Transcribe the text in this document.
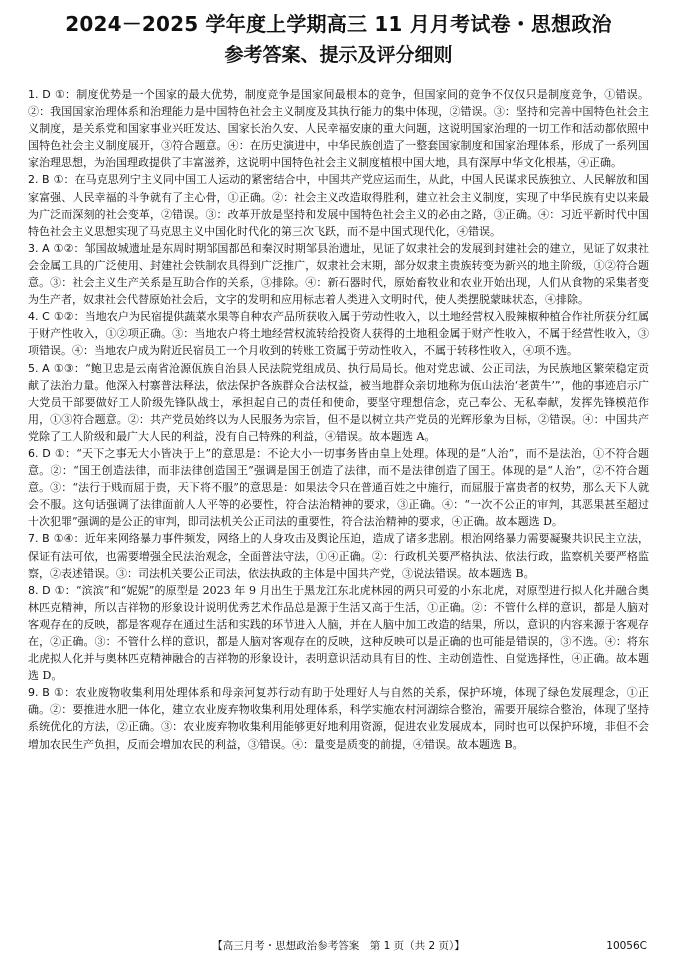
2024－2025 学年度上学期高三 11 月月考试卷・思想政治
参考答案、提示及评分细则
1. D ①：制度优势是一个国家的最大优势，制度竞争是国家间最根本的竞争，但国家间的竞争不仅仅只是制度竞争，①错误。②：我国国家治理体系和治理能力是中国特色社会主义制度及其执行能力的集中体现，②错误。③：坚持和完善中国特色社会主义制度，是关系党和国家事业兴旺发达、国家长治久安、人民幸福安康的重大问题，这说明国家治理的一切工作和活动都依照中国特色社会主义制度展开，③符合题意。④：在历史演进中，中华民族创造了一整套国家制度和国家治理体系，形成了一系列国家治理思想，为治国理政提供了丰富滋养，这说明中国特色社会主义制度植根中国大地，具有深厚中华文化根基，④正确。
2. B ①：在马克思列宁主义同中国工人运动的紧密结合中，中国共产党应运而生，从此，中国人民谋求民族独立、人民解放和国家富强、人民幸福的斗争就有了主心骨，①正确。②：社会主义改造取得胜利，建立社会主义制度，实现了中华民族有史以来最为广泛而深刻的社会变革，②错误。③：改革开放是坚持和发展中国特色社会主义的必由之路，③正确。④：习近平新时代中国特色社会主义思想实现了马克思主义中国化时代化的第三次飞跃，而不是中国式现代化，④错误。
3. A ①②：邹国故城遗址是东周时期邹国都邑和秦汉时期邹县治遗址，见证了奴隶社会的发展到封建社会的建立，见证了奴隶社会金属工具的广泛使用、封建社会铁制农具得到广泛推广，奴隶社会末期，部分奴隶主贵族转变为新兴的地主阶级，①②符合题意。③：社会主义生产关系是互助合作的关系，③排除。④：新石器时代，原始畜牧业和农业开始出现，人们从食物的采集者变为生产者，奴隶社会代替原始社会后，文字的发明和应用标志着人类进入文明时代，使人类摆脱蒙昧状态，④排除。
4. C ①②：当地农户为民宿提供蔬菜水果等自种农产品所获收入属于劳动性收入，以土地经营权入股辣椒种植合作社所获分红属于财产性收入，①②项正确。③：当地农户将土地经营权流转给投资人获得的土地租金属于财产性收入，不属于经营性收入，③项错误。④：当地农户成为附近民宿员工一个月收到的转账工资属于劳动性收入，不属于转移性收入，④项不选。
5. A ①③：“鲍卫忠是云南省沧源佤族自治县人民法院党组成员、执行局局长。他对党忠诚、公正司法，为民族地区繁荣稳定贡献了法治力量。他深入村寨普法释法，依法保护各族群众合法权益，被当地群众亲切地称为佤山法治‘老黄牛’”，他的事迹启示广大党员干部要做好工人阶级先锋队战士，承担起自己的责任和使命，要坚守理想信念，克己奉公、无私奉献，发挥先锋模范作用，①③符合题意。②：共产党员始终以为人民服务为宗旨，但不是以树立共产党员的光辉形象为目标，②错误。④：中国共产党除了工人阶级和最广大人民的利益，没有自己特殊的利益，④错误。故本题选 A。
6. D ①：“天下之事无大小皆决于上”的意思是：不论大小一切事务皆由皇上处理。体现的是“人治”，而不是法治，①不符合题意。②：“国王创造法律，而非法律创造国王”强调是国王创造了法律，而不是法律创造了国王。体现的是“人治”，②不符合题意。③：“法行于贱而屈于贵，天下将不服”的意思是：如果法令只在普通百姓之中施行，而屈服于富贵者的权势，那么天下人就会不服。这句话强调了法律面前人人平等的必要性，符合法治精神的要求，③正确。④：“一次不公正的审判，其恶果甚至超过十次犯罪”强调的是公正的审判，即司法机关公正司法的重要性，符合法治精神的要求，④正确。故本题选 D。
7. B ①④：近年来网络暴力事件频发，网络上的人身攻击及舆论压迫，造成了诸多悲剧。根治网络暴力需要凝聚共识民主立法，保证有法可依，也需要增强全民法治观念，全面普法守法，①④正确。②：行政机关要严格执法、依法行政，监察机关要严格监察，②表述错误。③：司法机关要公正司法，依法执政的主体是中国共产党，③说法错误。故本题选 B。
8. D ①：“滨滨”和“妮妮”的原型是 2023 年 9 月出生于黑龙江东北虎林园的两只可爱的小东北虎，对原型进行拟人化并融合奥林匹克精神，所以吉祥物的形象设计说明优秀艺术作品总是源于生活又高于生活，①正确。②：不管什么样的意识，都是人脑对客观存在的反映，都是客观存在通过生活和实践的环节进入人脑，并在人脑中加工改造的结果，所以，意识的内容来源于客观存在，②正确。③：不管什么样的意识，都是人脑对客观存在的反映，这种反映可以是正确的也可能是错误的，③不选。④：将东北虎拟人化并与奥林匹克精神融合的吉祥物的形象设计，表明意识活动具有目的性、主动创造性、自觉选择性，④正确。故本题选 D。
9. B ①：农业废物收集利用处理体系和母亲河复苏行动有助于处理好人与自然的关系，保护环境，体现了绿色发展理念，①正确。②：要推进水肥一体化，建立农业废弃物收集利用处理体系，科学实施农村河湖综合整治，需要开展综合整治，体现了坚持系统优化的方法，②正确。③：农业废弃物收集利用能够更好地利用资源，促进农业发展成本，同时也可以保护环境，非但不会增加农民生产负担，反而会增加农民的利益，③错误。④：量变是质变的前提，④错误。故本题选 B。
【高三月考・思想政治参考答案　第 1 页（共 2 页）】	10056C
